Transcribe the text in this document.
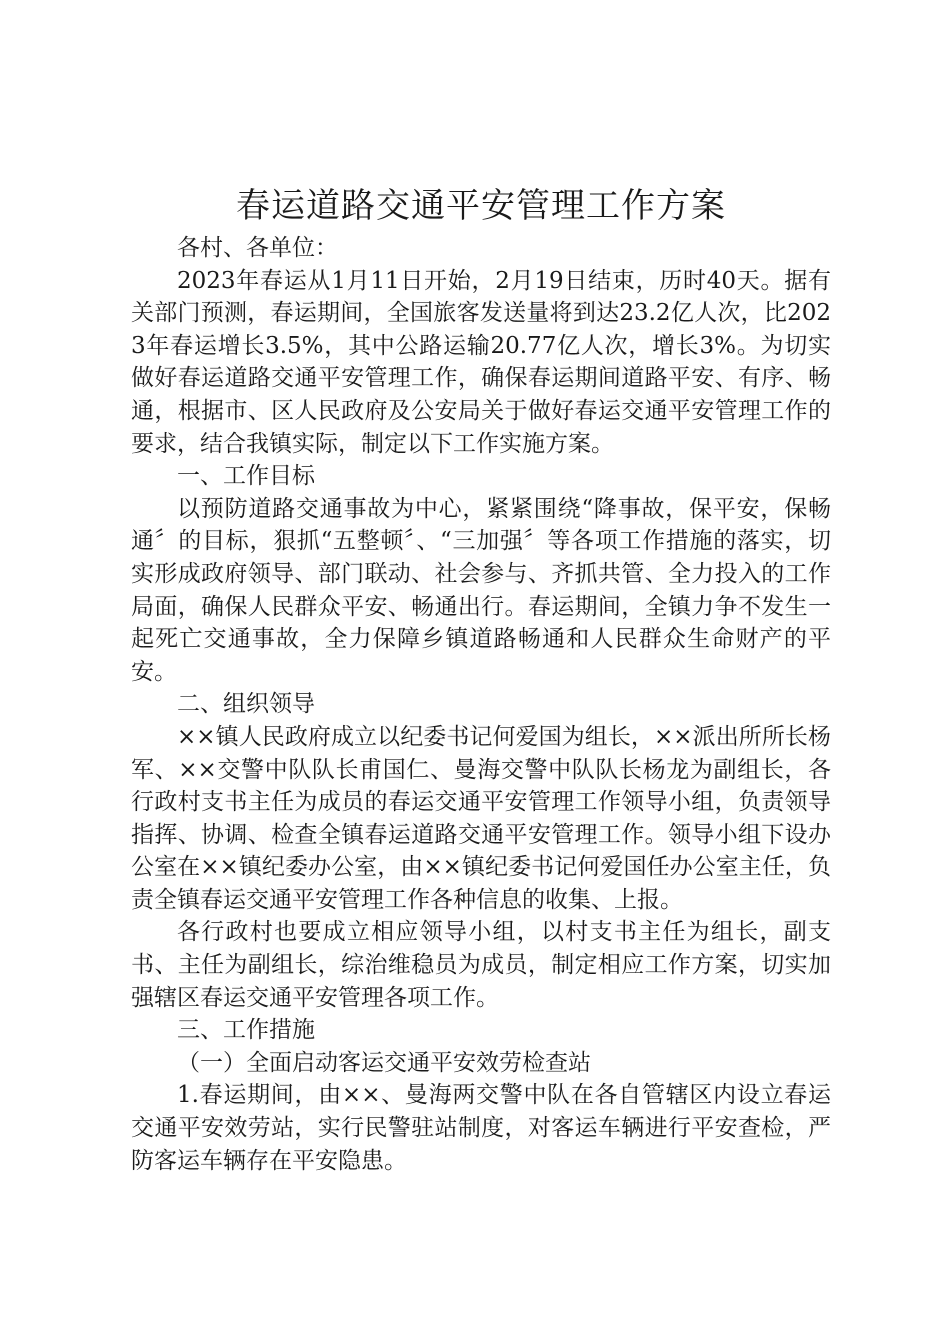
春运道路交通平安管理工作方案

各村、各单位：

2023年春运从1月11日开始，2月19日结束，历时40天。据有关部门预测，春运期间，全国旅客发送量将到达23.2亿人次，比2023年春运增长3.5%，其中公路运输20.77亿人次，增长3%。为切实做好春运道路交通平安管理工作，确保春运期间道路平安、有序、畅通，根据市、区人民政府及公安局关于做好春运交通平安管理工作的要求，结合我镇实际，制定以下工作实施方案。

一、工作目标

以预防道路交通事故为中心，紧紧围绕“降事故，保平安，保畅通〞的目标，狠抓“五整顿〞、“三加强〞等各项工作措施的落实，切实形成政府领导、部门联动、社会参与、齐抓共管、全力投入的工作局面，确保人民群众平安、畅通出行。春运期间，全镇力争不发生一起死亡交通事故，全力保障乡镇道路畅通和人民群众生命财产的平安。

二、组织领导

××镇人民政府成立以纪委书记何爱国为组长，××派出所所长杨军、××交警中队队长甫国仁、曼海交警中队队长杨龙为副组长，各行政村支书主任为成员的春运交通平安管理工作领导小组，负责领导指挥、协调、检查全镇春运道路交通平安管理工作。领导小组下设办公室在××镇纪委办公室，由××镇纪委书记何爱国任办公室主任，负责全镇春运交通平安管理工作各种信息的收集、上报。

各行政村也要成立相应领导小组，以村支书主任为组长，副支书、主任为副组长，综治维稳员为成员，制定相应工作方案，切实加强辖区春运交通平安管理各项工作。

三、工作措施

（一）全面启动客运交通平安效劳检查站

1.春运期间，由××、曼海两交警中队在各自管辖区内设立春运交通平安效劳站，实行民警驻站制度，对客运车辆进行平安查检，严防客运车辆存在平安隐患。
